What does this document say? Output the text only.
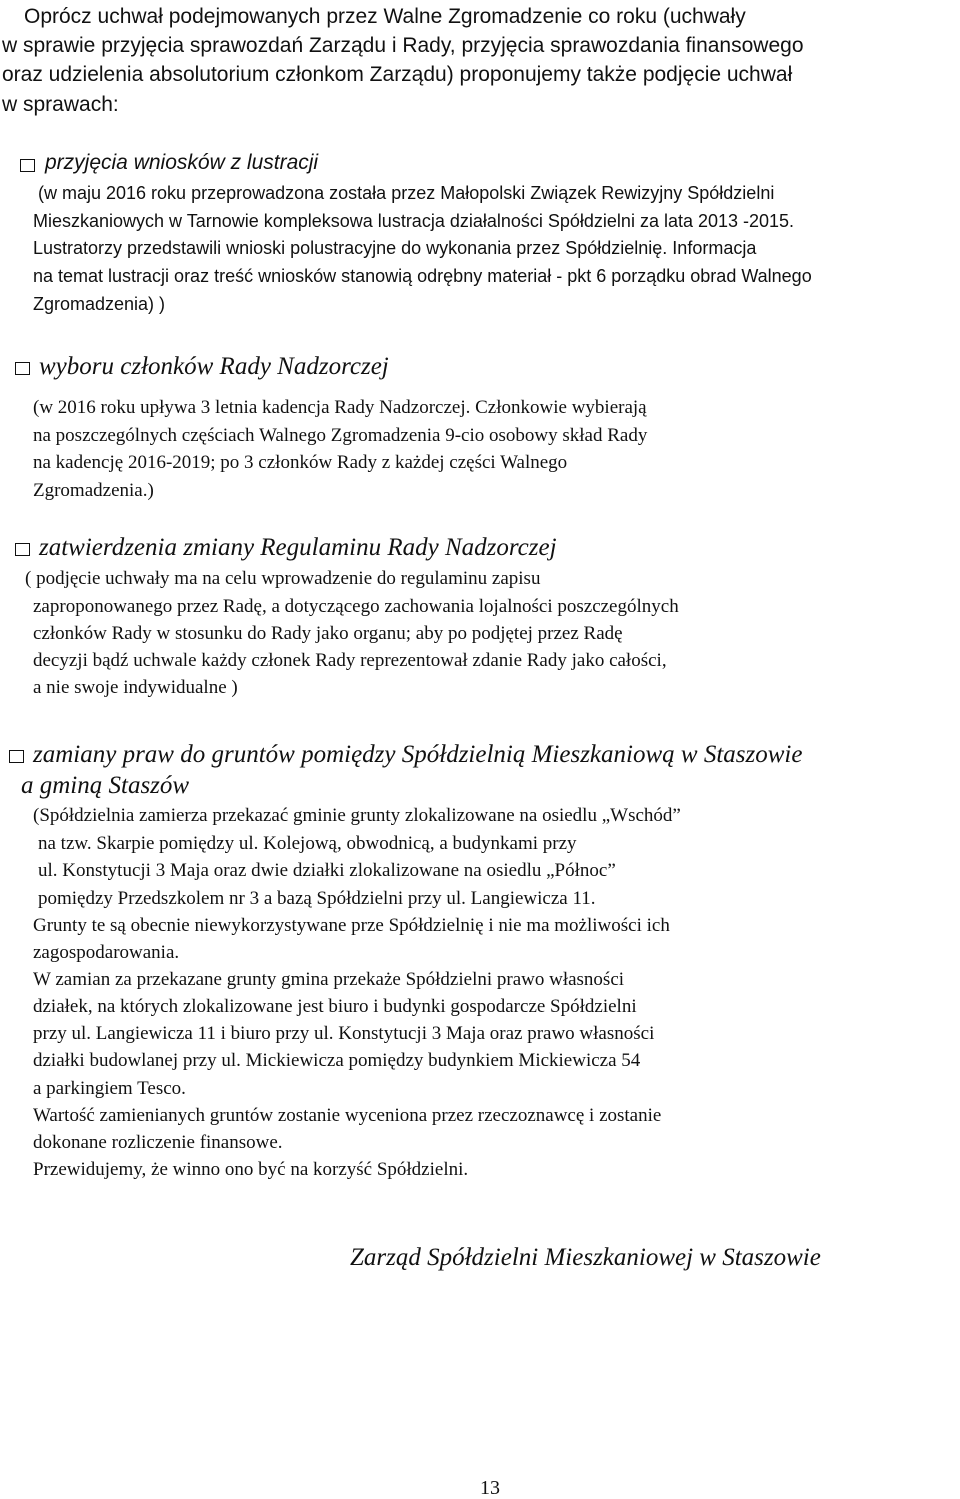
Oprócz uchwał podejmowanych przez Walne Zgromadzenie co roku (uchwały
w sprawie przyjęcia sprawozdań Zarządu i Rady, przyjęcia sprawozdania finansowego
oraz udzielenia absolutorium członkom Zarządu) proponujemy także podjęcie uchwał
w sprawach:
przyjęcia wniosków z lustracji
(w maju 2016 roku przeprowadzona została przez Małopolski Związek Rewizyjny Spółdzielni
Mieszkaniowych w Tarnowie kompleksowa lustracja działalności Spółdzielni za lata 2013 -2015.
Lustratorzy przedstawili wnioski polustracyjne do wykonania przez Spółdzielnię. Informacja
na temat lustracji oraz treść wniosków stanowią odrębny materiał - pkt 6 porządku obrad Walnego
Zgromadzenia) )
wyboru członków Rady Nadzorczej
(w 2016 roku upływa 3 letnia kadencja Rady Nadzorczej. Członkowie wybierają
na poszczególnych częściach Walnego Zgromadzenia 9-cio osobowy skład Rady
na kadencję 2016-2019; po 3 członków Rady z każdej części Walnego
Zgromadzenia.)
zatwierdzenia zmiany Regulaminu Rady Nadzorczej
( podjęcie uchwały ma na celu wprowadzenie do regulaminu zapisu
zaproponowanego przez Radę, a dotyczącego zachowania lojalności poszczególnych
członków Rady w stosunku do Rady jako organu; aby po podjętej przez Radę
decyzji bądź uchwale każdy członek Rady reprezentował zdanie Rady jako całości,
a nie swoje indywidualne )
zamiany praw do gruntów pomiędzy Spółdzielnią Mieszkaniową w Staszowie
a gminą Staszów
(Spółdzielnia zamierza przekazać gminie grunty zlokalizowane na osiedlu „Wschód”
na tzw. Skarpie pomiędzy ul. Kolejową, obwodnicą, a budynkami przy
ul. Konstytucji 3 Maja oraz dwie działki zlokalizowane na osiedlu „Północ”
pomiędzy Przedszkolem nr 3 a bazą Spółdzielni przy ul. Langiewicza 11.
Grunty te są obecnie niewykorzystywane prze Spółdzielnię i nie ma możliwości ich
zagospodarowania.
W zamian za przekazane grunty gmina przekaże Spółdzielni prawo własności
działek, na których zlokalizowane jest biuro i budynki gospodarcze Spółdzielni
przy ul. Langiewicza 11 i biuro przy ul. Konstytucji 3 Maja oraz prawo własności
działki budowlanej przy ul. Mickiewicza pomiędzy budynkiem Mickiewicza 54
a parkingiem Tesco.
Wartość zamienianych gruntów zostanie wyceniona przez rzeczoznawcę i zostanie
dokonane rozliczenie finansowe.
Przewidujemy, że winno ono być na korzyść Spółdzielni.
Zarząd Spółdzielni Mieszkaniowej w Staszowie
13
